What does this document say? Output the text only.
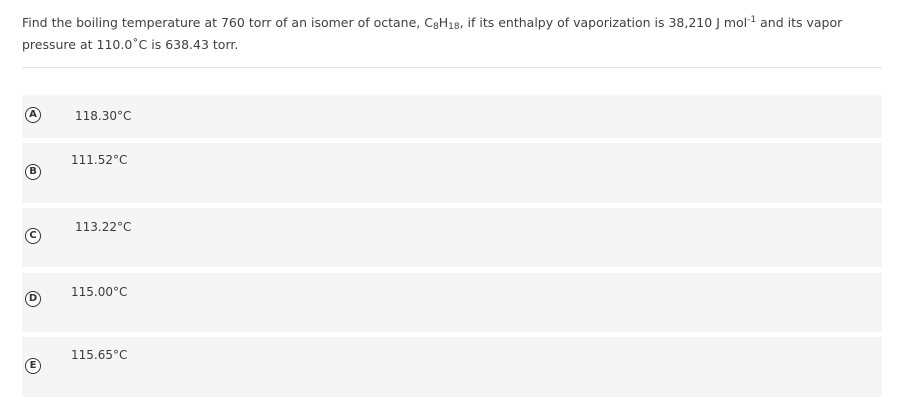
Find the boiling temperature at 760 torr of an isomer of octane, $C_8H_{18}$, if its enthalpy of vaporization is 38,210 J mol$^{-1}$ and its vapor pressure at 110.0˚C is 638.43 torr.
A	118.30°C
B
111.52°C
C
113.22°C
D	115.00°C
E
115.65°C
